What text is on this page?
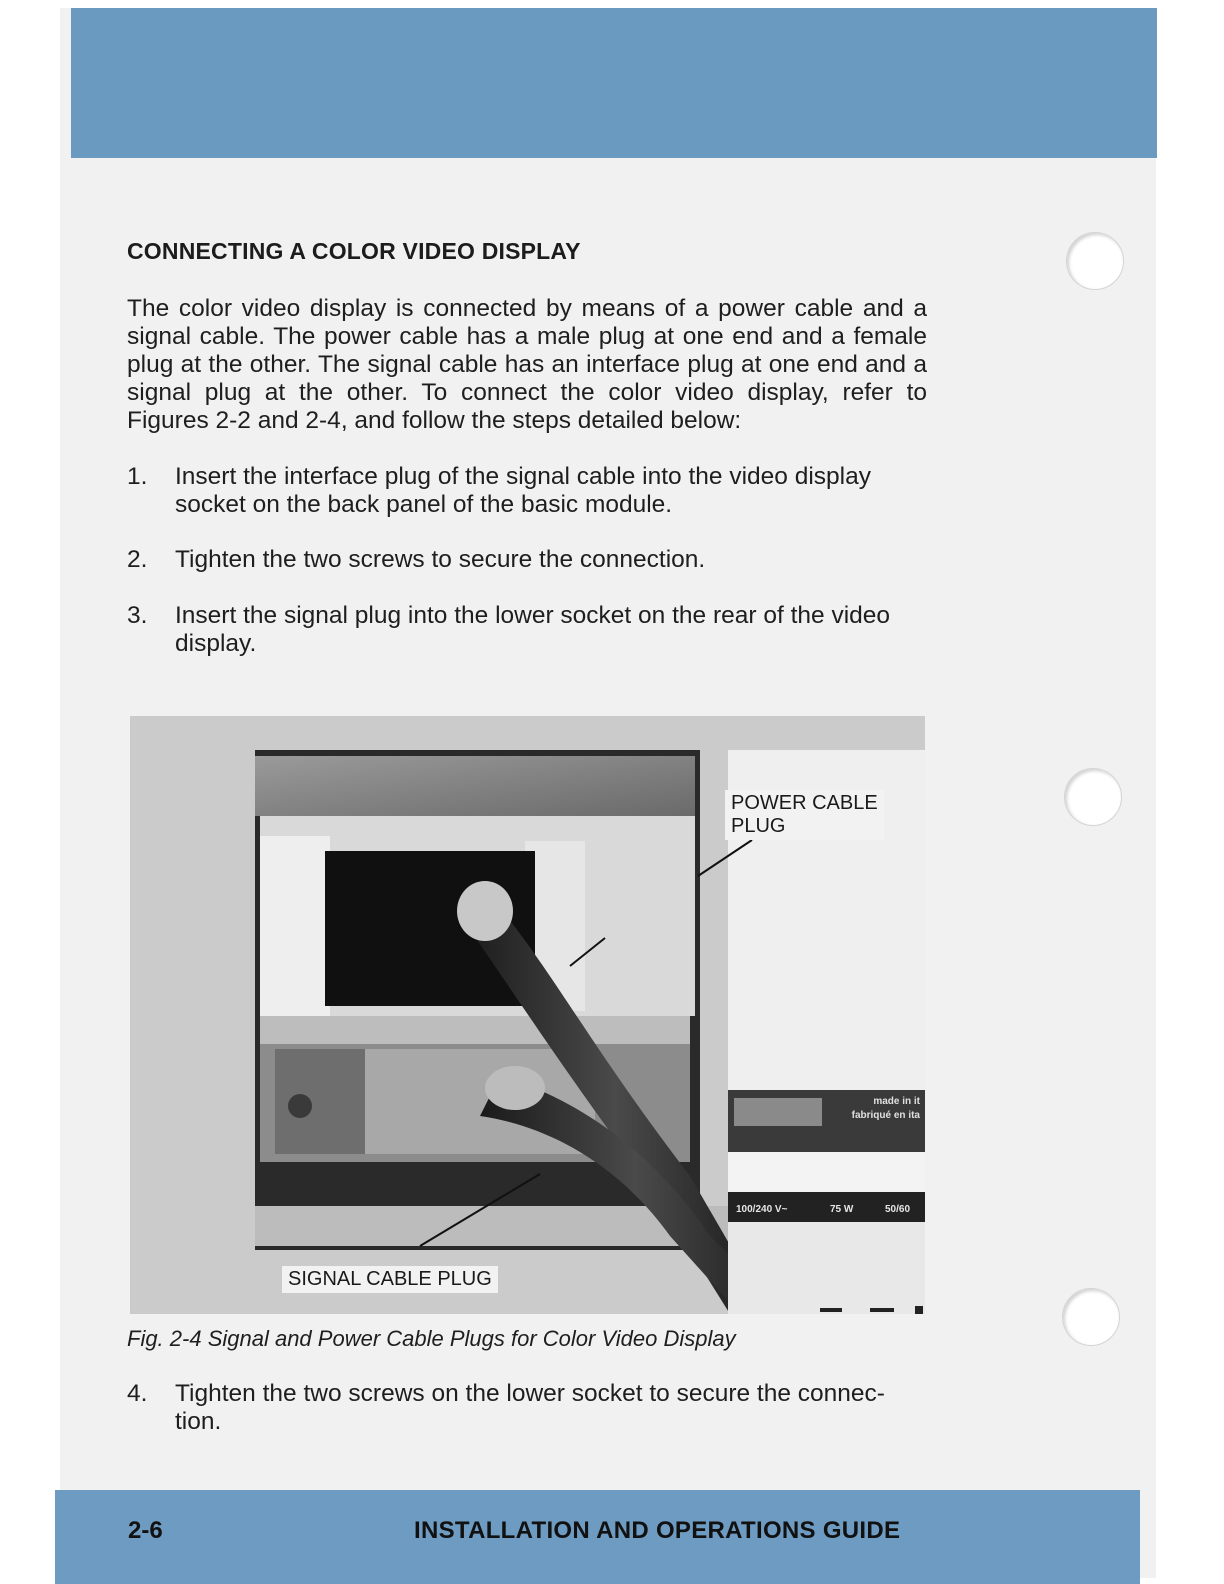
CONNECTING A COLOR VIDEO DISPLAY

The color video display is connected by means of a power cable and a signal cable. The power cable has a male plug at one end and a female plug at the other. The signal cable has an interface plug at one end and a signal plug at the other. To connect the color video display, refer to Figures 2-2 and 2-4, and follow the steps detailed below:

1. Insert the interface plug of the signal cable into the video display socket on the back panel of the basic module.
2. Tighten the two screws to secure the connection.
3. Insert the signal plug into the lower socket on the rear of the video display.
made in it
fabriqué en ita
100/240 V~	75 W	50/60
POWER CABLE
PLUG
SIGNAL CABLE PLUG

Fig. 2-4 Signal and Power Cable Plugs for Color Video Display

4. Tighten the two screws on the lower socket to secure the connec-tion.
2-6	INSTALLATION AND OPERATIONS GUIDE
